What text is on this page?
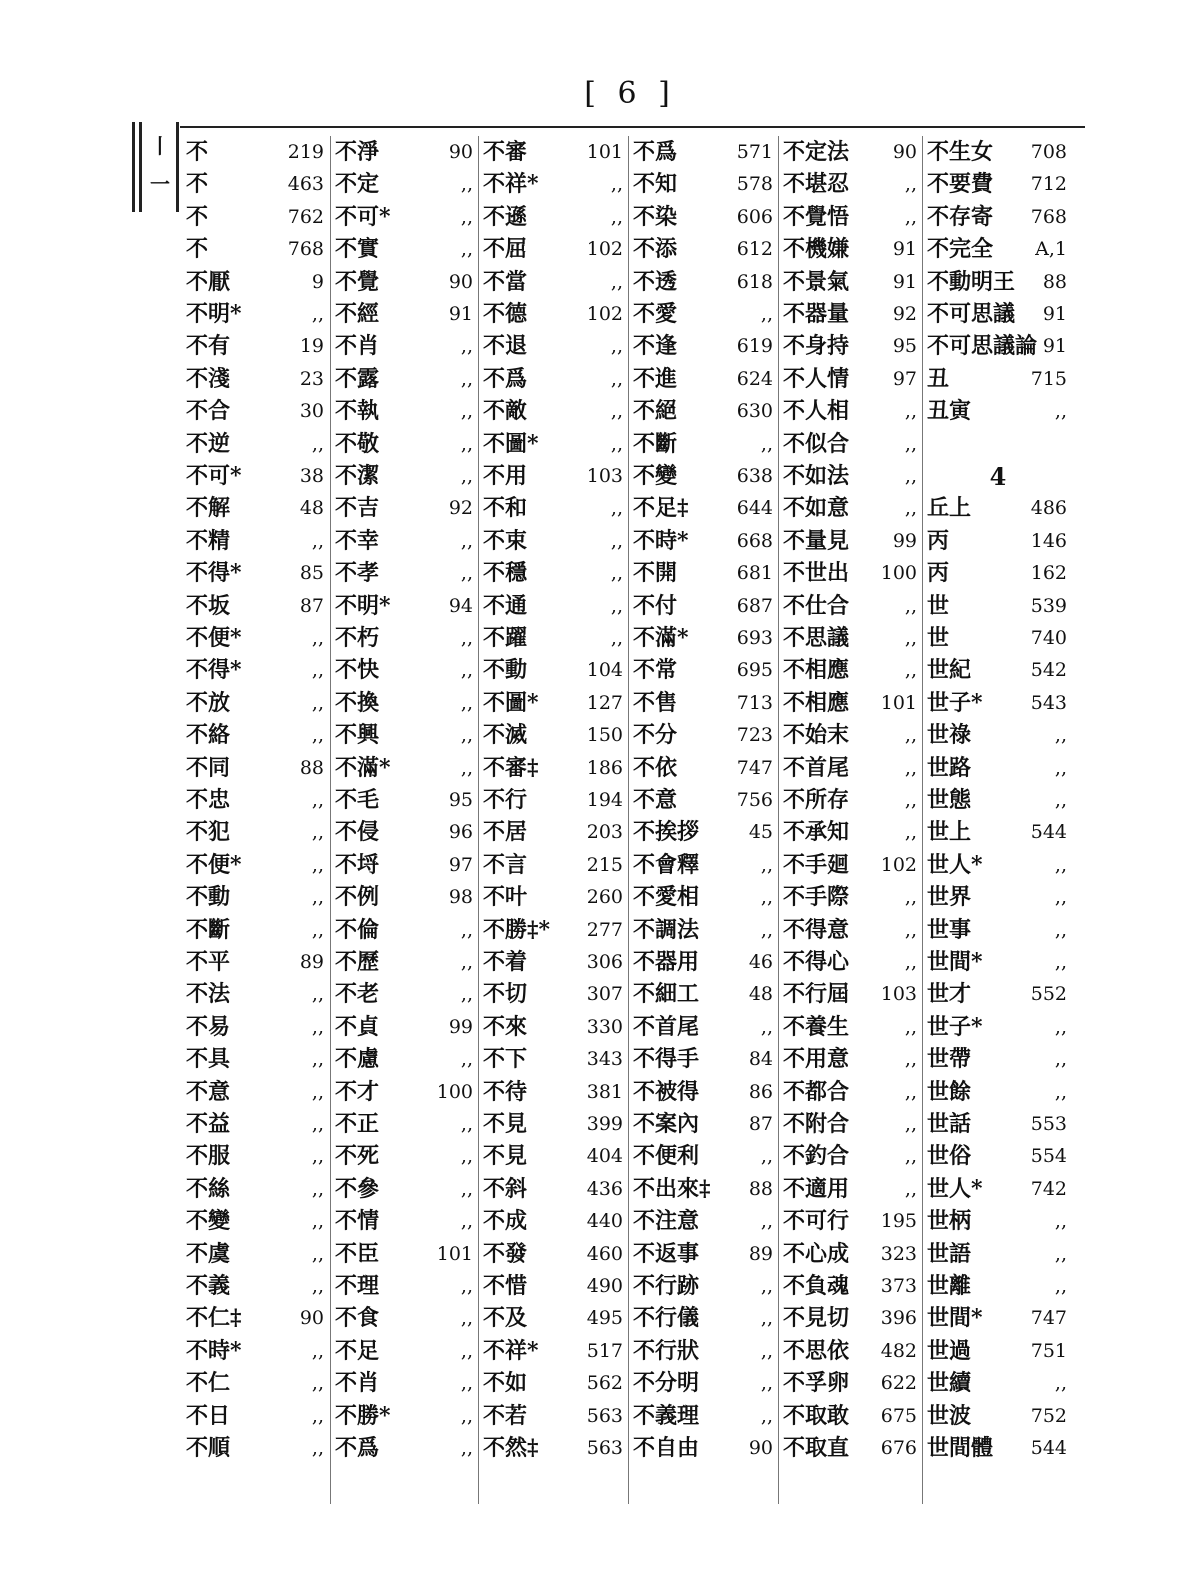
[ 6 ]
丨
一
不	219
不	463
不	762
不	768
不厭	9
不明*	,,
不有	19
不淺	23
不合	30
不逆	,,
不可*	38
不解	48
不精	,,
不得*	85
不坂	87
不便*	,,
不得*	,,
不放	,,
不絡	,,
不同	88
不忠	,,
不犯	,,
不便*	,,
不動	,,
不斷	,,
不平	89
不法	,,
不易	,,
不具	,,
不意	,,
不益	,,
不服	,,
不絲	,,
不變	,,
不虞	,,
不義	,,
不仁‡	90
不時*	,,
不仁	,,
不日	,,
不順	,,
不淨	90
不定	,,
不可*	,,
不實	,,
不覺	90
不經	91
不肖	,,
不露	,,
不執	,,
不敬	,,
不潔	,,
不吉	92
不幸	,,
不孝	,,
不明*	94
不朽	,,
不快	,,
不換	,,
不興	,,
不滿*	,,
不毛	95
不侵	96
不埒	97
不例	98
不倫	,,
不歷	,,
不老	,,
不貞	99
不慮	,,
不才	100
不正	,,
不死	,,
不參	,,
不情	,,
不臣	101
不理	,,
不食	,,
不足	,,
不肖	,,
不勝*	,,
不爲	,,
不審	101
不祥*	,,
不遜	,,
不屈	102
不當	,,
不德	102
不退	,,
不爲	,,
不敵	,,
不圖*	,,
不用	103
不和	,,
不束	,,
不穩	,,
不通	,,
不躍	,,
不動	104
不圖*	127
不滅	150
不審‡	186
不行	194
不居	203
不言	215
不叶	260
不勝‡* 277
不着	306
不切	307
不來	330
不下	343
不待	381
不見	399
不見	404
不斜	436
不成	440
不發	460
不惜	490
不及	495
不祥*	517
不如	562
不若	563
不然‡	563
不爲	571
不知	578
不染	606
不添	612
不透	618
不愛	,,
不逢	619
不進	624
不絕	630
不斷	,,
不變	638
不足‡	644
不時*	668
不開	681
不付	687
不滿*	693
不常	695
不售	713
不分	723
不依	747
不意	756
不挨拶	45
不會釋	,,
不愛相	,,
不調法	,,
不器用	46
不細工	48
不首尾	,,
不得手	84
不被得	86
不案內	87
不便利	,,
不出來‡ 88
不注意	,,
不返事	89
不行跡	,,
不行儀	,,
不行狀	,,
不分明	,,
不義理	,,
不自由	90
不定法 90
不堪忍	,,
不覺悟	,,
不機嫌 91
不景氣 91
不器量 92
不身持 95
不人情 97
不人相	,,
不似合	,,
不如法	,,
不如意	,,
不量見 99
不世出 100
不仕合	,,
不思議	,,
不相應	,,
不相應 101
不始末	,,
不首尾	,,
不所存	,,
不承知	,,
不手廻 102
不手際	,,
不得意	,,
不得心	,,
不行屆 103
不養生	,,
不用意	,,
不都合	,,
不附合	,,
不釣合	,,
不適用	,,
不可行 195
不心成 323
不負魂 373
不見切 396
不思依 482
不孚卵 622
不取敢 675
不取直 676
不生女 708
不要費 712
不存寄 768
不完全 A,1
不動明王 88
不可思議 91
不可思議論 91
丑	715
丑寅	,,
4
丘上	486
丙	146
丙	162
世	539
世	740
世紀	542
世子*	543
世祿	,,
世路	,,
世態	,,
世上	544
世人*	,,
世界	,,
世事	,,
世間*	,,
世才	552
世子*	,,
世帶	,,
世餘	,,
世話	553
世俗	554
世人*	742
世柄	,,
世語	,,
世離	,,
世間*	747
世過	751
世續	,,
世波	752
世間體 544
